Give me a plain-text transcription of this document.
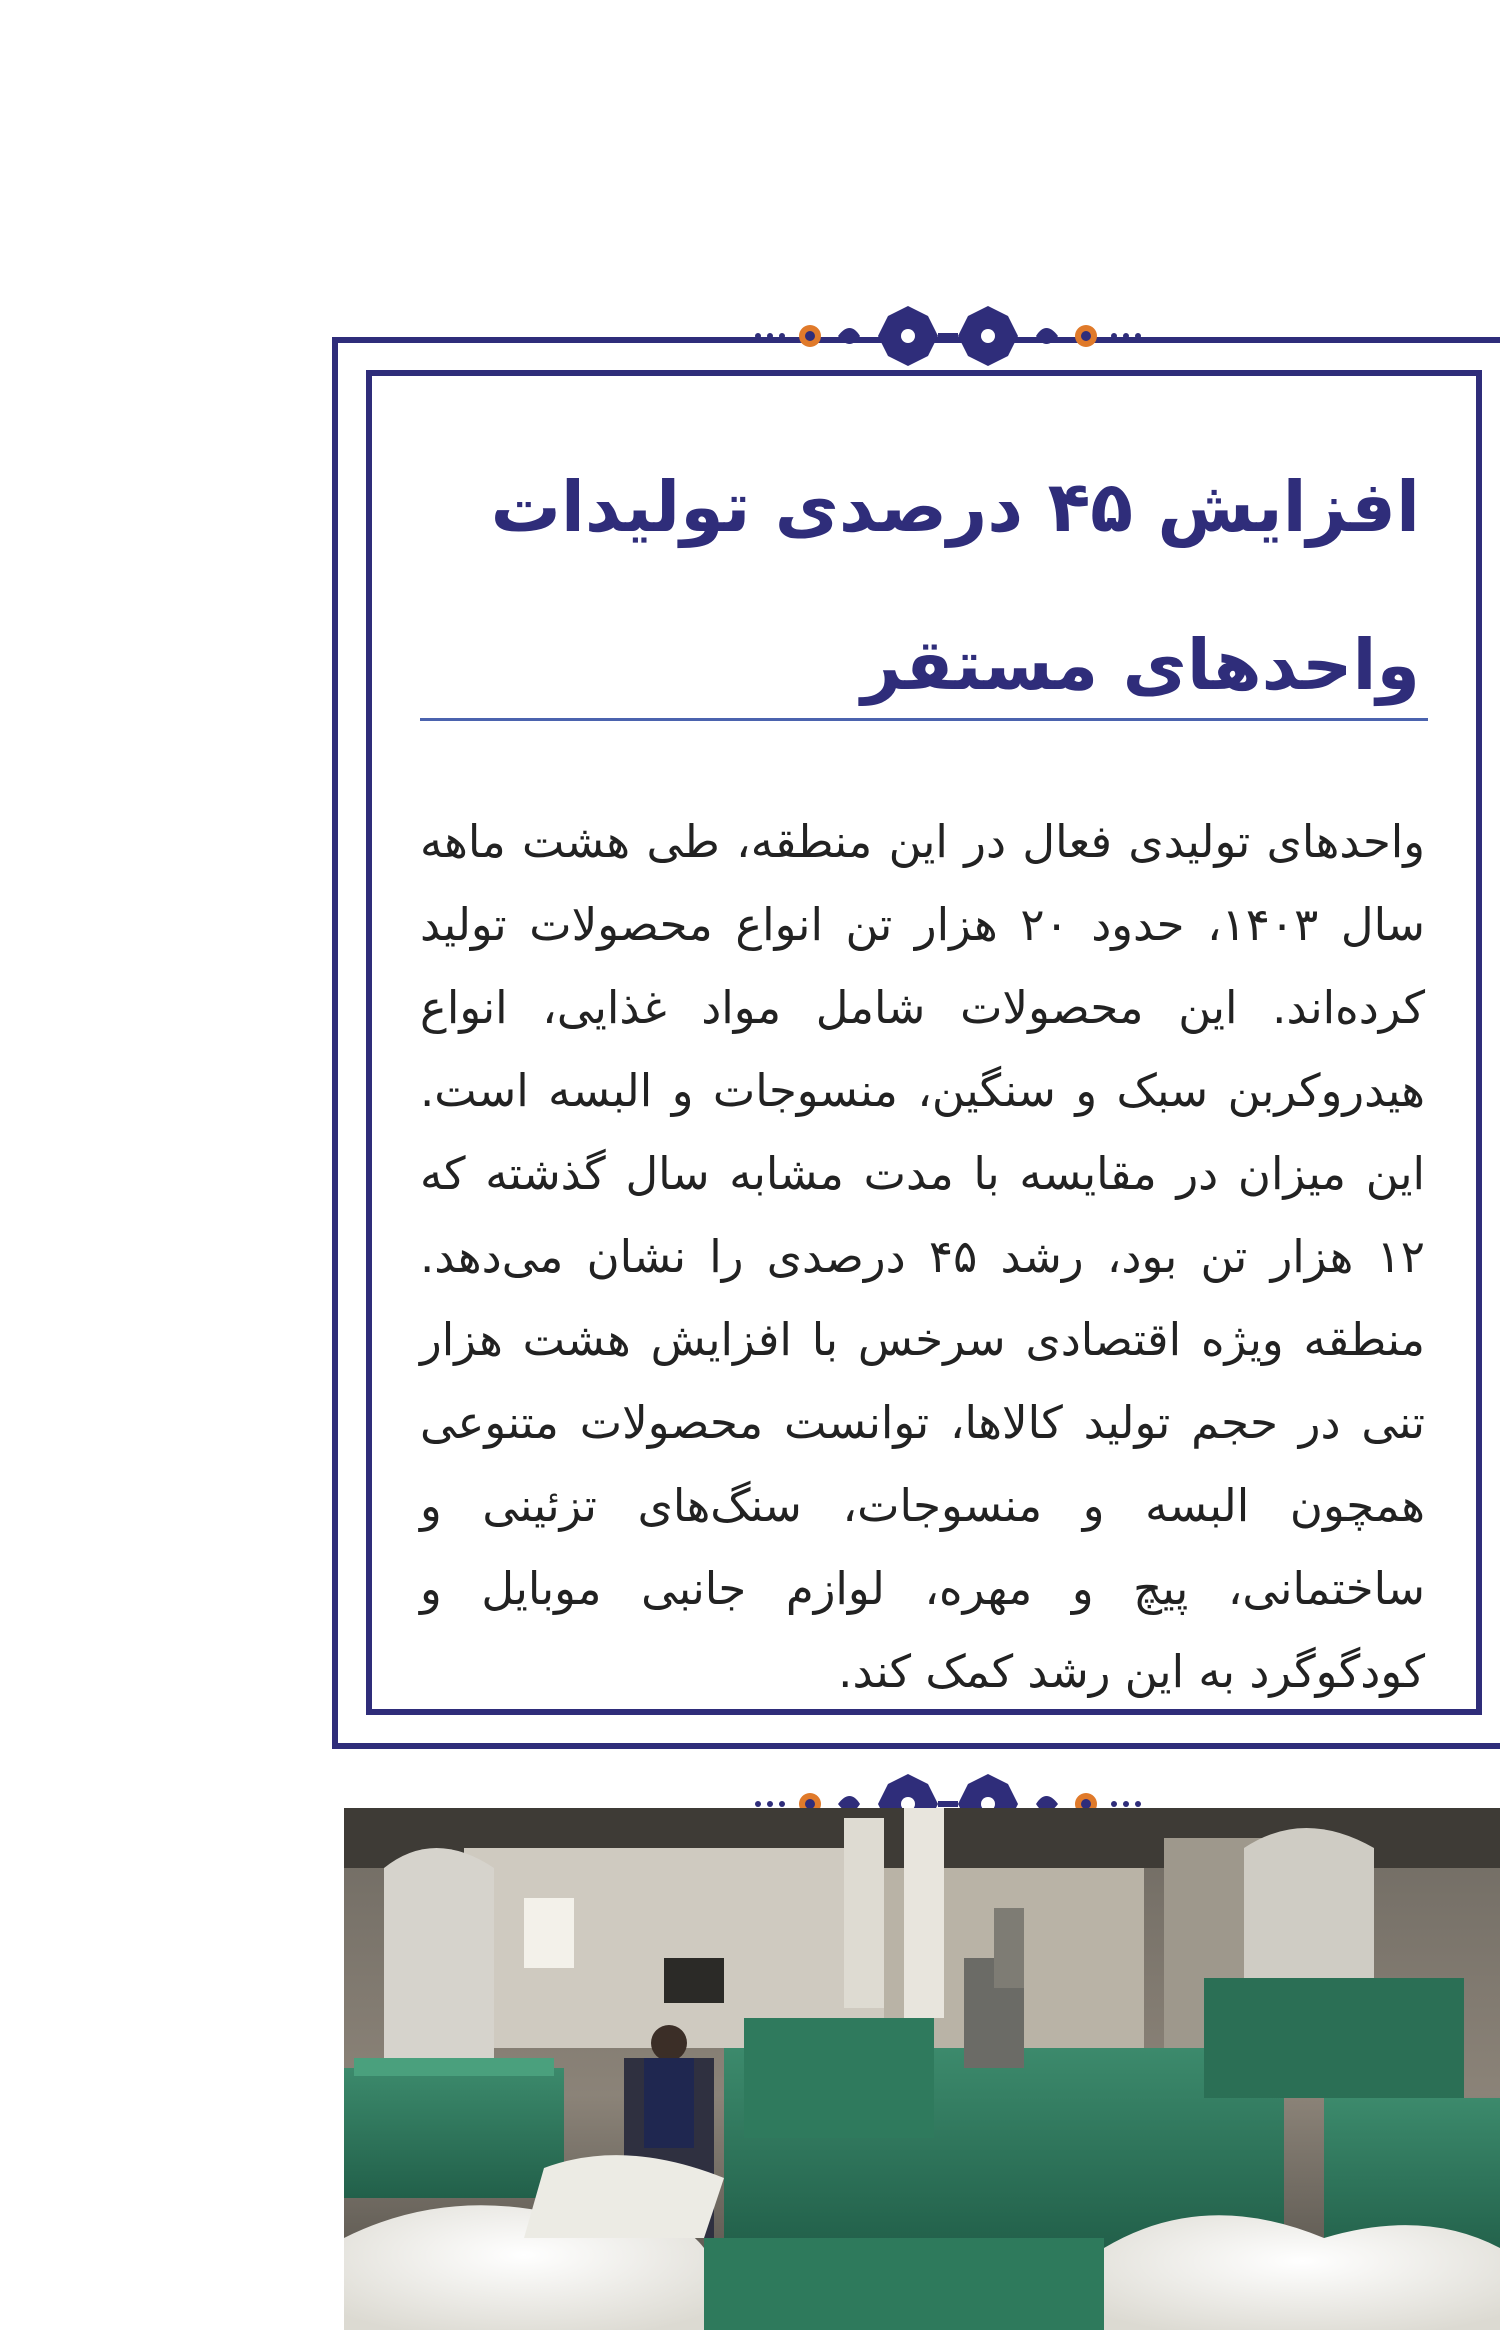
افزایش ۴۵ درصدی تولیدات واحدهای مستقر

واحدهای تولیدی فعال در این منطقه، طی هشت ماهه سال ۱۴۰۳، حدود ۲۰ هزار تن انواع محصولات تولید کرده‌اند. این محصولات شامل مواد غذایی، انواع هیدروکربن سبک و سنگین، منسوجات و البسه است. این میزان در مقایسه با مدت مشابه سال گذشته که ۱۲ هزار تن بود، رشد ۴۵ درصدی را نشان می‌دهد. منطقه ویژه اقتصادی سرخس با افزایش هشت هزار تنی در حجم تولید کالاها، توانست محصولات متنوعی همچون البسه و منسوجات، سنگ‌های تزئینی و ساختمانی، پیچ و مهره، لوازم جانبی موبایل و کودگوگرد به این رشد کمک کند.
